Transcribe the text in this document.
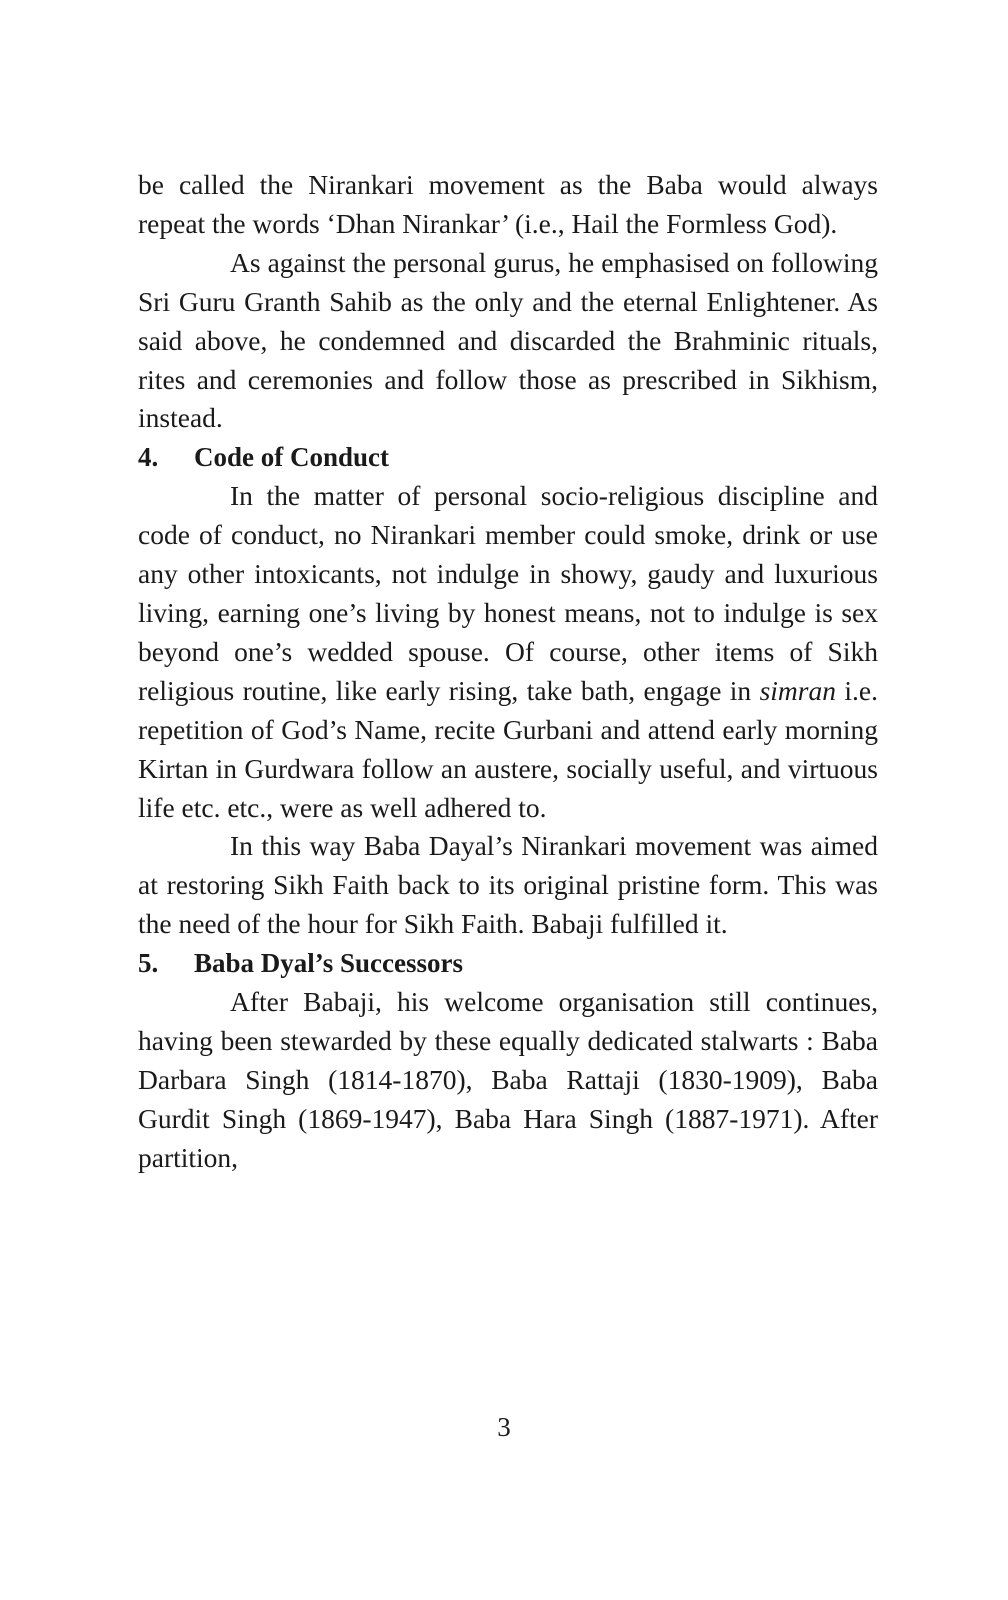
be called the Nirankari movement as the Baba would always repeat the words ‘Dhan Nirankar’ (i.e., Hail the Formless God).

As against the personal gurus, he emphasised on following Sri Guru Granth Sahib as the only and the eternal Enlightener. As said above, he condemned and discarded the Brahminic rituals, rites and ceremonies and follow those as prescribed in Sikhism, instead.

4. Code of Conduct

In the matter of personal socio-religious discipline and code of conduct, no Nirankari member could smoke, drink or use any other intoxicants, not indulge in showy, gaudy and luxurious living, earning one’s living by honest means, not to indulge is sex beyond one’s wedded spouse. Of course, other items of Sikh religious routine, like early rising, take bath, engage in simran i.e. repetition of God’s Name, recite Gurbani and attend early morning Kirtan in Gurdwara follow an austere, socially useful, and virtuous life etc. etc., were as well adhered to.

In this way Baba Dayal’s Nirankari movement was aimed at restoring Sikh Faith back to its original pristine form. This was the need of the hour for Sikh Faith. Babaji fulfilled it.

5. Baba Dyal’s Successors

After Babaji, his welcome organisation still continues, having been stewarded by these equally dedicated stalwarts : Baba Darbara Singh (1814-1870), Baba Rattaji (1830-1909), Baba Gurdit Singh (1869-1947), Baba Hara Singh (1887-1971). After partition,

3
